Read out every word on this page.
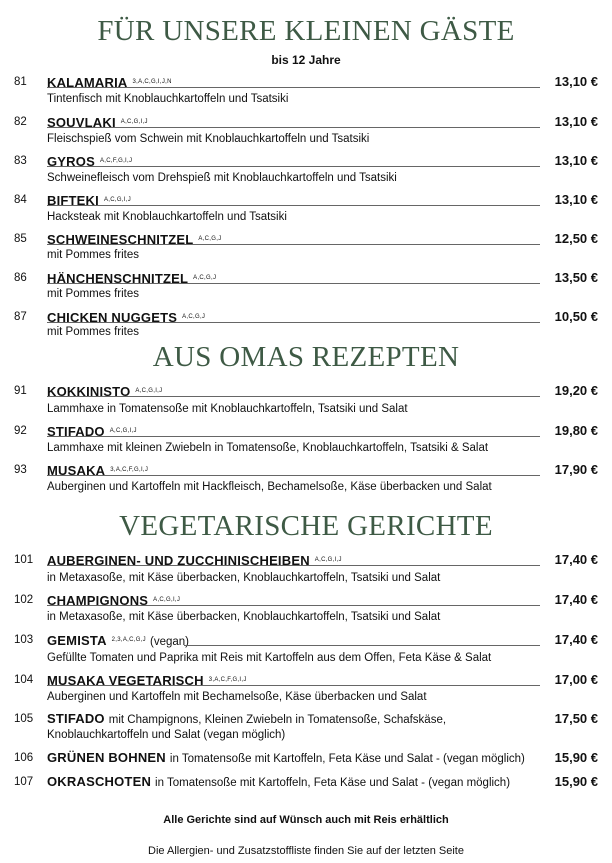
FÜR UNSERE KLEINEN GÄSTE
bis 12 Jahre
81	KALAMARIA $^{3,A,C,G,I,J,N}$	13,10 €
Tintenfisch mit Knoblauchkartoffeln und Tsatsiki
82	SOUVLAKI $^{A,C,G,I,J}$	13,10 €
Fleischspieß vom Schwein mit Knoblauchkartoffeln und Tsatsiki
83	GYROS $^{A,C,F,G,I,J}$	13,10 €
Schweinefleisch vom Drehspieß mit Knoblauchkartoffeln und Tsatsiki
84	BIFTEKI $^{A,C,G,I,J}$	13,10 €
Hacksteak mit Knoblauchkartoffeln und Tsatsiki
85	SCHWEINESCHNITZEL $^{A,C,G,J}$	12,50 €
mit Pommes frites
86	HÄNCHENSCHNITZEL $^{A,C,G,J}$	13,50 €
mit Pommes frites
87	CHICKEN NUGGETS $^{A,C,G,J}$	10,50 €
mit Pommes frites
AUS OMAS REZEPTEN
91	KOKKINISTO $^{A,C,G,I,J}$	19,20 €
Lammhaxe in Tomatensoße mit Knoblauchkartoffeln, Tsatsiki und Salat
92	STIFADO $^{A,C,G,I,J}$	19,80 €
Lammhaxe mit kleinen Zwiebeln in Tomatensoße, Knoblauchkartoffeln, Tsatsiki & Salat
93	MUSAKA $^{3,A,C,F,G,I,J}$	17,90 €
Auberginen und Kartoffeln mit Hackfleisch, Bechamelsoße, Käse überbacken und Salat
VEGETARISCHE GERICHTE
101	AUBERGINEN- UND ZUCCHINISCHEIBEN $^{A,C,G,I,J}$	17,40 €
in Metaxasoße, mit Käse überbacken, Knoblauchkartoffeln, Tsatsiki und Salat
102	CHAMPIGNONS $^{A,C,G,I,J}$	17,40 €
in Metaxasoße, mit Käse überbacken, Knoblauchkartoffeln, Tsatsiki und Salat
103	GEMISTA $^{2,3,A,C,G,J}$ (vegan)	17,40 €
Gefüllte Tomaten und Paprika mit Reis mit Kartoffeln aus dem Offen, Feta Käse & Salat
104	MUSAKA VEGETARISCH $^{3,A,C,F,G,I,J}$	17,00 €
Auberginen und Kartoffeln mit Bechamelsoße, Käse überbacken und Salat
105	STIFADO mit Champignons, Kleinen Zwiebeln in Tomatensoße, Schafskäse,	17,50 €
Knoblauchkartoffeln und Salat (vegan möglich)
106	GRÜNEN BOHNEN in Tomatensoße mit Kartoffeln, Feta Käse und Salat - (vegan möglich) 15,90 €
107	OKRASCHOTEN in Tomatensoße mit Kartoffeln, Feta Käse und Salat - (vegan möglich)	15,90 €
Alle Gerichte sind auf Wünsch auch mit Reis erhältlich
Die Allergien- und Zusatzstoffliste finden Sie auf der letzten Seite
